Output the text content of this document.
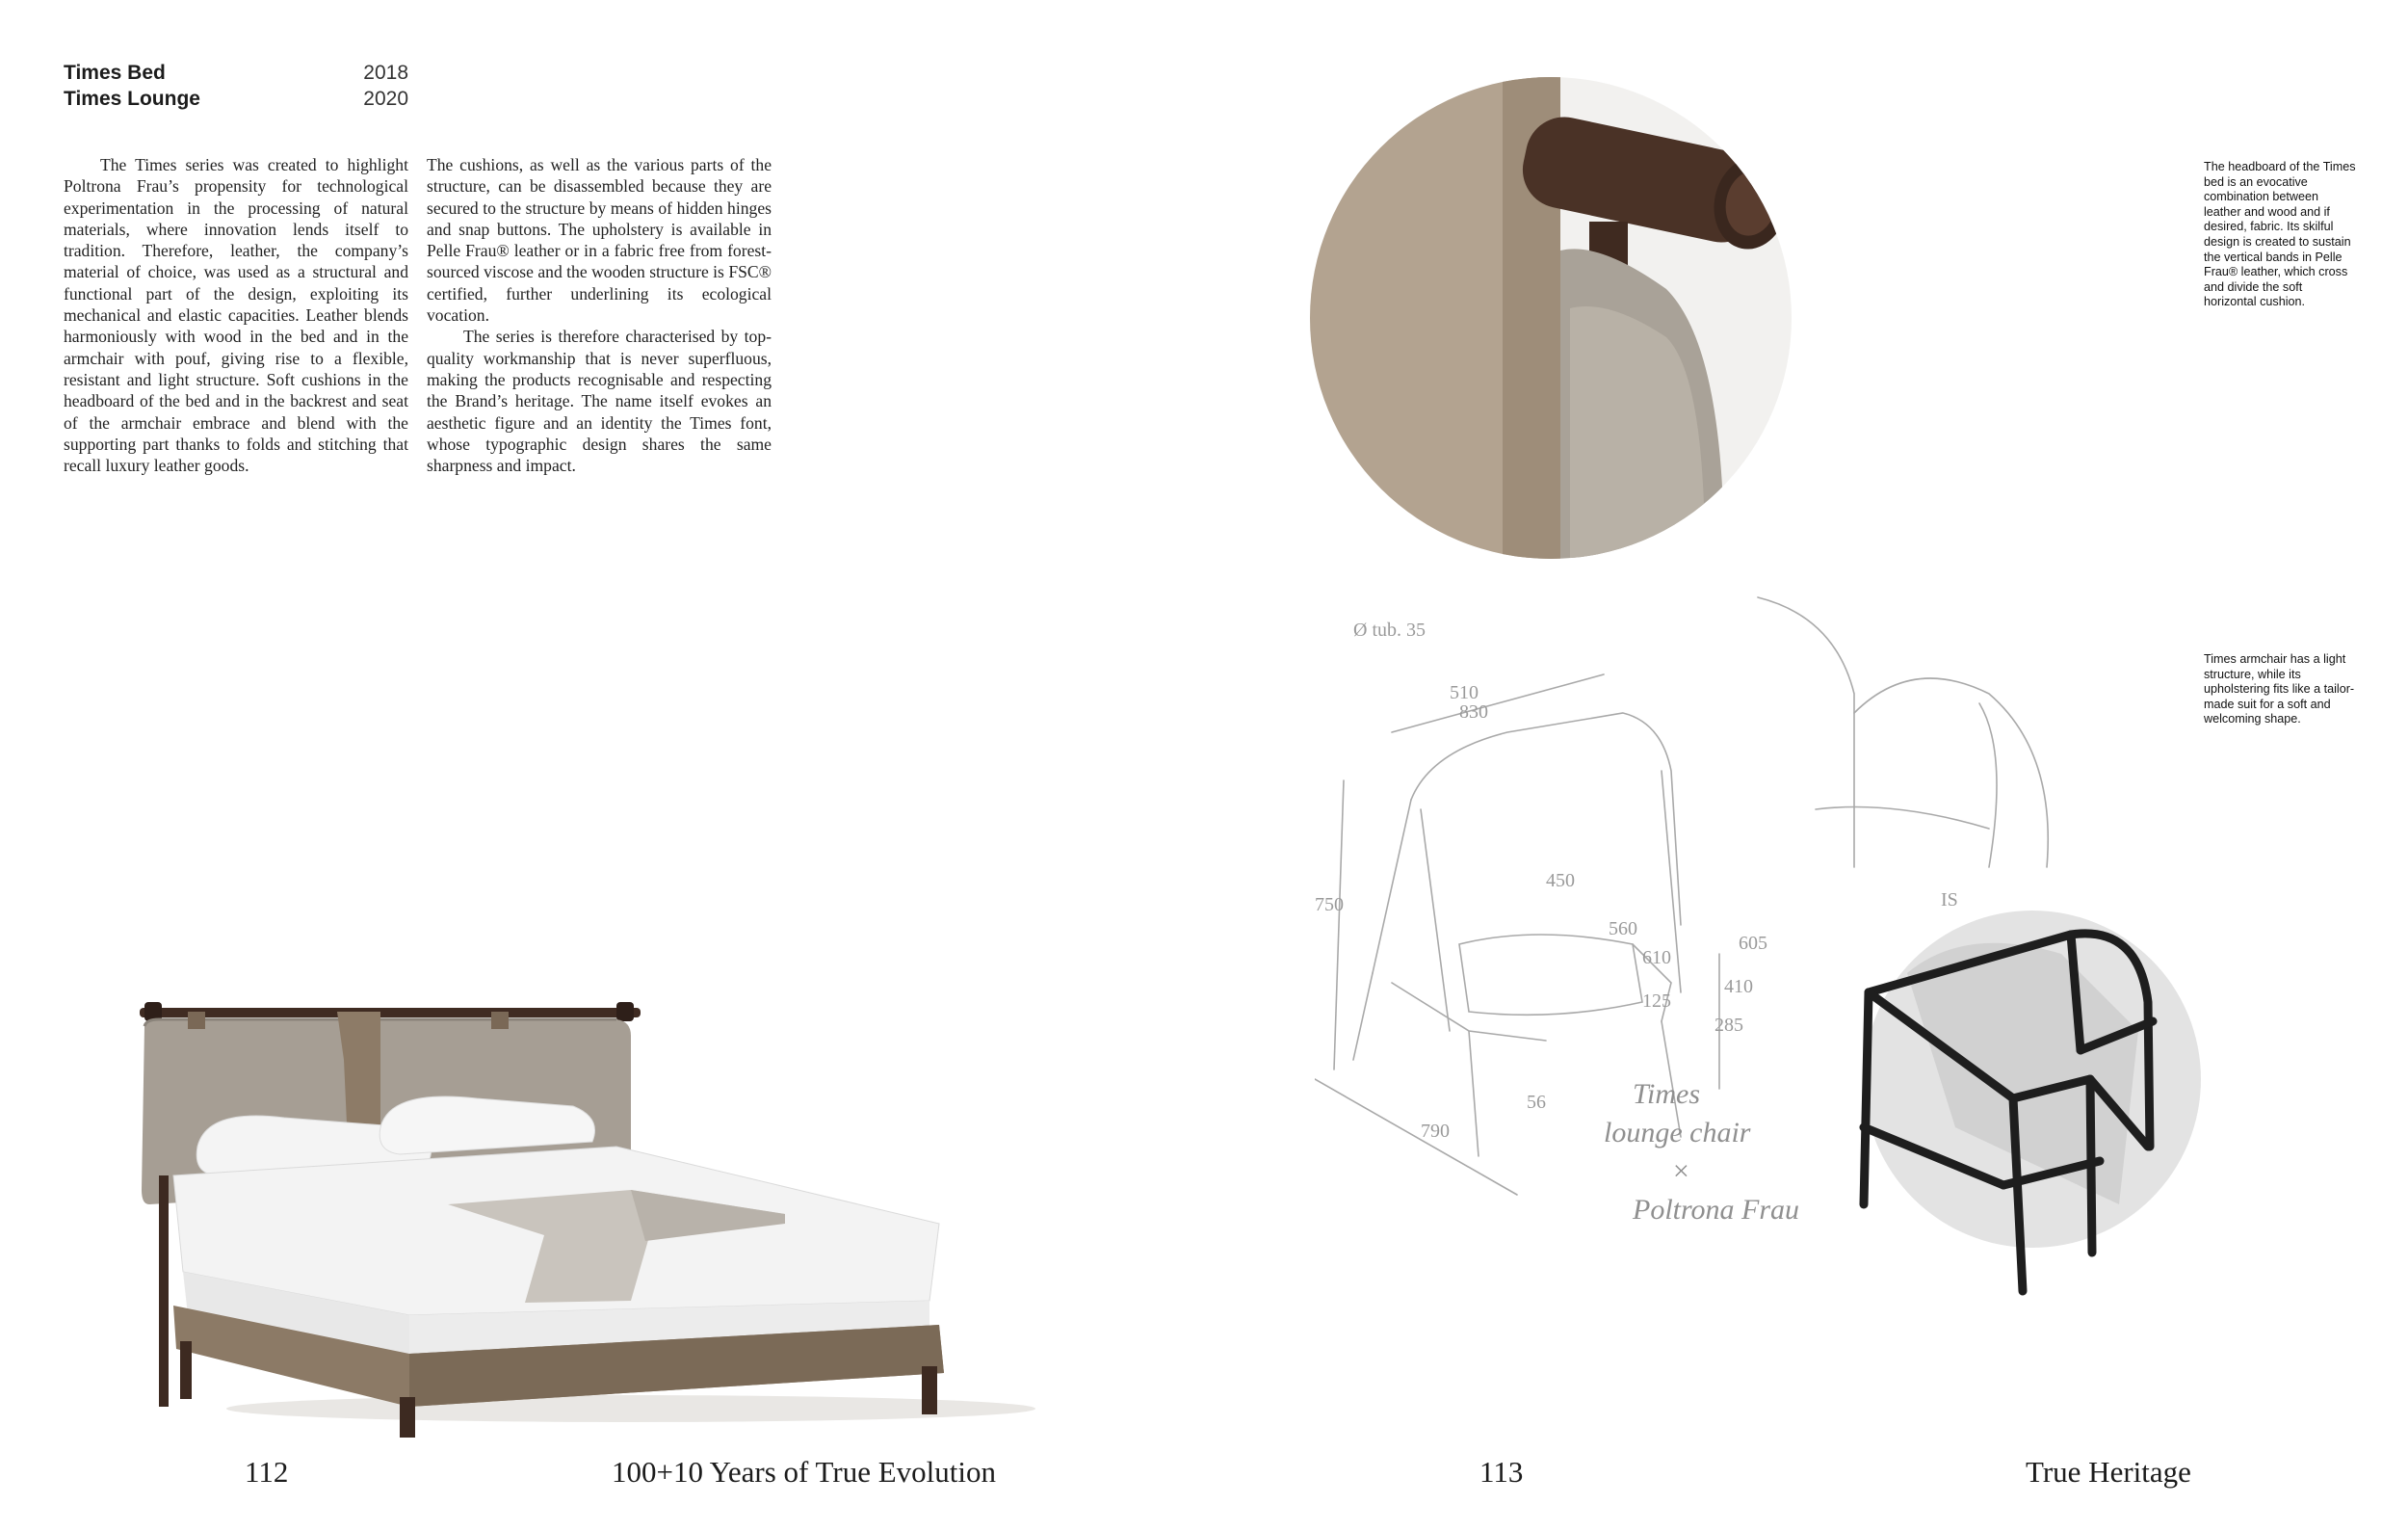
Times Bed	2018
Times Lounge	2020

The Times series was created to highlight Poltrona Frau’s propensity for technological experimentation in the processing of natural materials, where innovation lends itself to tradition. Therefore, leather, the company’s material of choice, was used as a structural and functional part of the design, exploiting its mechanical and elastic capacities. Leather blends harmoniously with wood in the bed and in the armchair with pouf, giving rise to a flexible, resistant and light structure. Soft cushions in the headboard of the bed and in the backrest and seat of the armchair embrace and blend with the supporting part thanks to folds and stitching that recall luxury leather goods.

The cushions, as well as the various parts of the structure, can be disassembled because they are secured to the structure by means of hidden hinges and snap buttons. The upholstery is available in Pelle Frau® leather or in a fabric free from forest-sourced viscose and the wooden structure is FSC® certified, further underlining its ecological vocation.

The series is therefore characterised by top-quality workmanship that is never superfluous, making the products recognisable and respecting the Brand’s heritage. The name itself evokes an aesthetic figure and an identity the Times font, whose typographic design shares the same sharpness and impact.

112	100+10 Years of True Evolution
Ø tub. 35
510
830
750
450
560
610
125
605
410
285
790
56
IS
Times
lounge chair
×
Poltrona Frau
The headboard of the Times bed is an evocative combination between leather and wood and if desired, fabric. Its skilful design is created to sustain the vertical bands in Pelle Frau® leather, which cross and divide the soft horizontal cushion.
Times armchair has a light structure, while its upholstering fits like a tailor-made suit for a soft and welcoming shape.
113	True Heritage
